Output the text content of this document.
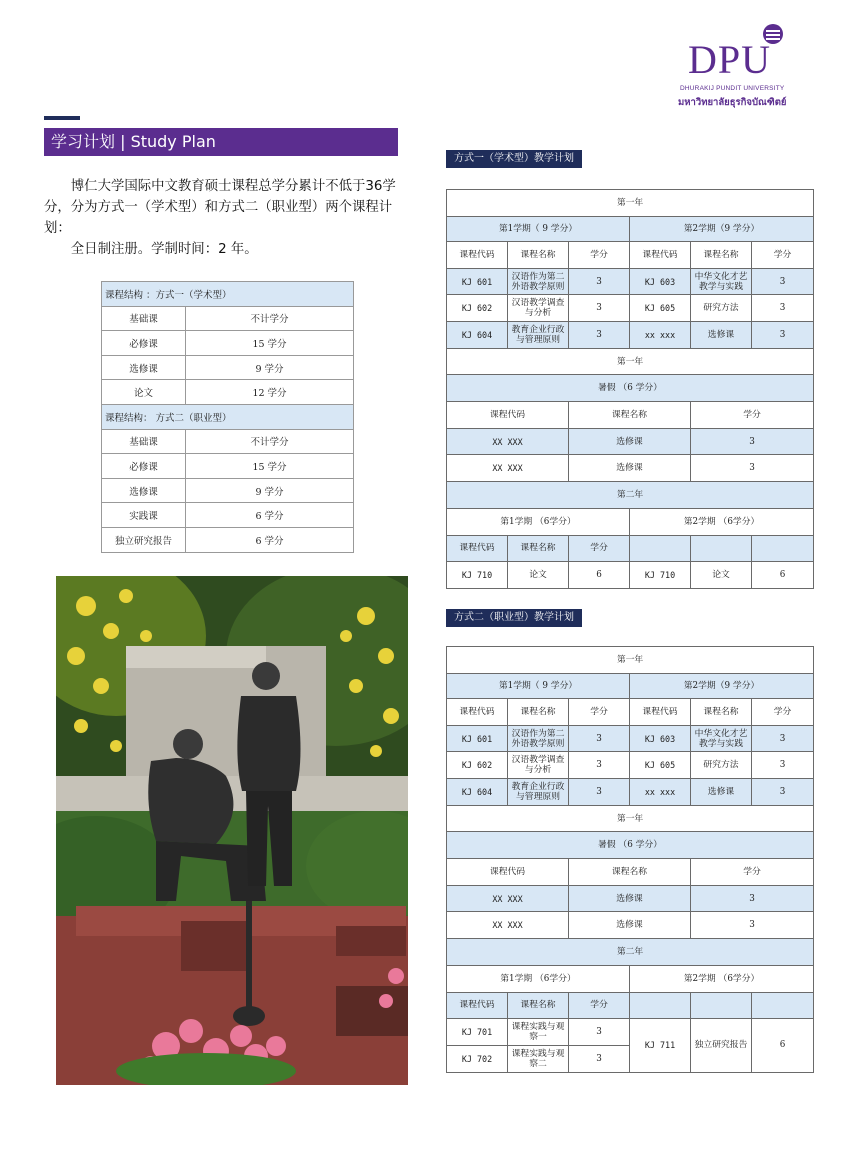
DPU
DHURAKIJ PUNDIT UNIVERSITY
มหาวิทยาลัยธุรกิจบัณฑิตย์
学习计划 | Study Plan

博仁大学国际中文教育硕士课程总学分累计不低于36学分，分为方式一（学术型）和方式二（职业型）两个课程计划：

全日制注册。学制时间：2 年。

课程结构 ：方式一（学术型）	
基础课	不计学分
必修课	15 学分
选修课	9 学分
论文	12 学分
课程结构： 方式二（职业型）	
基础课	不计学分
必修课	15 学分
选修课	9 学分
实践课	6 学分
独立研究报告	6 学分
方式一（学术型）教学计划
第一年					
第1学期（ 9 学分）			第2学期（9 学分）		
课程代码	课程名称	学分	课程代码	课程名称	学分
KJ 601	汉语作为第二外语教学原则	3	KJ 603	中华文化才艺教学与实践	3
KJ 602	汉语教学调查与分析	3	KJ 605	研究方法	3
KJ 604	教育企业行政与管理原则	3	xx xxx	选修课	3
第一年					
暑假 （6 学分）					
课程代码		课程名称		学分	
XX XXX		选修课		3	
XX XXX		选修课		3	
第二年					
第1学期 （6学分）			第2学期 （6学分）		
课程代码	课程名称	学分			
KJ 710	论文	6	KJ 710	论文	6
方式二（职业型）教学计划
第一年					
第1学期（ 9 学分）			第2学期（9 学分）		
课程代码	课程名称	学分	课程代码	课程名称	学分
KJ 601	汉语作为第二外语教学原则	3	KJ 603	中华文化才艺教学与实践	3
KJ 602	汉语教学调查与分析	3	KJ 605	研究方法	3
KJ 604	教育企业行政与管理原则	3	xx xxx	选修课	3
第一年					
暑假 （6 学分）					
课程代码		课程名称		学分	
XX XXX		选修课		3	
XX XXX		选修课		3	
第二年					
第1学期 （6学分）			第2学期 （6学分）		
课程代码	课程名称	学分			
KJ 701	课程实践与观察一	3	KJ 711	独立研究报告	6
KJ 702	课程实践与观察二	3			
